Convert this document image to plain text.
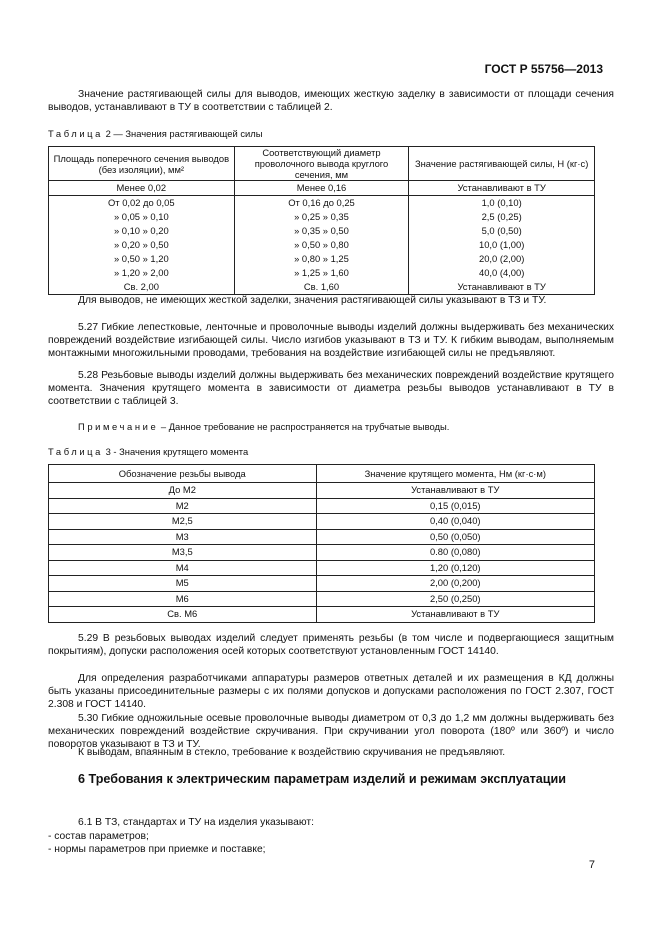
ГОСТ Р 55756—2013
Значение растягивающей силы для выводов, имеющих жесткую заделку в зависимости от площади сечения выводов, устанавливают в ТУ в соответствии с таблицей 2.
Таблица 2 — Значения растягивающей силы
Площадь поперечного сечения выводов (без изоляции), мм²	Соответствующий диаметр проволочного вывода круглого сечения, мм	Значение растягивающей силы, Н (кг·с)
Менее 0,02	Менее 0,16	Устанавливают в ТУ
От 0,02 до 0,05	От 0,16 до 0,25	1,0 (0,10)
» 0,05 » 0,10	» 0,25 » 0,35	2,5 (0,25)
» 0,10 » 0,20	» 0,35 » 0,50	5,0 (0,50)
» 0,20 » 0,50	» 0,50 » 0,80	10,0 (1,00)
» 0,50 » 1,20	» 0,80 » 1,25	20,0 (2,00)
» 1,20 » 2,00	» 1,25 » 1,60	40,0 (4,00)
Св. 2,00	Св. 1,60	Устанавливают в ТУ
Для выводов, не имеющих жесткой заделки, значения растягивающей силы указывают в ТЗ и ТУ.
5.27 Гибкие лепестковые, ленточные и проволочные выводы изделий должны выдерживать без механических повреждений воздействие изгибающей силы. Число изгибов указывают в ТЗ и ТУ. К гибким выводам, выполняемым монтажными многожильными проводами, требования на воздействие изгибающей силы не предъявляют.
5.28 Резьбовые выводы изделий должны выдерживать без механических повреждений воздействие крутящего момента. Значения крутящего момента в зависимости от диаметра резьбы выводов устанавливают в ТУ в соответствии с таблицей 3.
Примечание – Данное требование не распространяется на трубчатые выводы.
Таблица 3 - Значения крутящего момента
Обозначение резьбы вывода	Значение крутящего момента, Нм (кг·с·м)
До М2	Устанавливают в ТУ
М2	0,15 (0,015)
М2,5	0,40 (0,040)
М3	0,50 (0,050)
М3,5	0.80 (0,080)
М4	1,20 (0,120)
М5	2,00 (0,200)
М6	2,50 (0,250)
Св. М6	Устанавливают в ТУ
5.29 В резьбовых выводах изделий следует применять резьбы (в том числе и подвергающиеся защитным покрытиям), допуски расположения осей которых соответствуют установленным ГОСТ 14140.
Для определения разработчиками аппаратуры размеров ответных деталей и их размещения в КД должны быть указаны присоединительные размеры с их полями допусков и допусками расположения по ГОСТ 2.307, ГОСТ 2.308 и ГОСТ 14140.
5.30 Гибкие одножильные осевые проволочные выводы диаметром от 0,3 до 1,2 мм должны выдерживать без механических повреждений воздействие скручивания. При скручивании угол поворота (180º или 360º) и число поворотов указывают в ТЗ и ТУ.
К выводам, впаянным в стекло, требование к воздействию скручивания не предъявляют.
6 Требования к электрическим параметрам изделий и режимам эксплуатации
6.1 В ТЗ, стандартах и ТУ на изделия указывают:
- состав параметров;
- нормы параметров при приемке и поставке;
7
